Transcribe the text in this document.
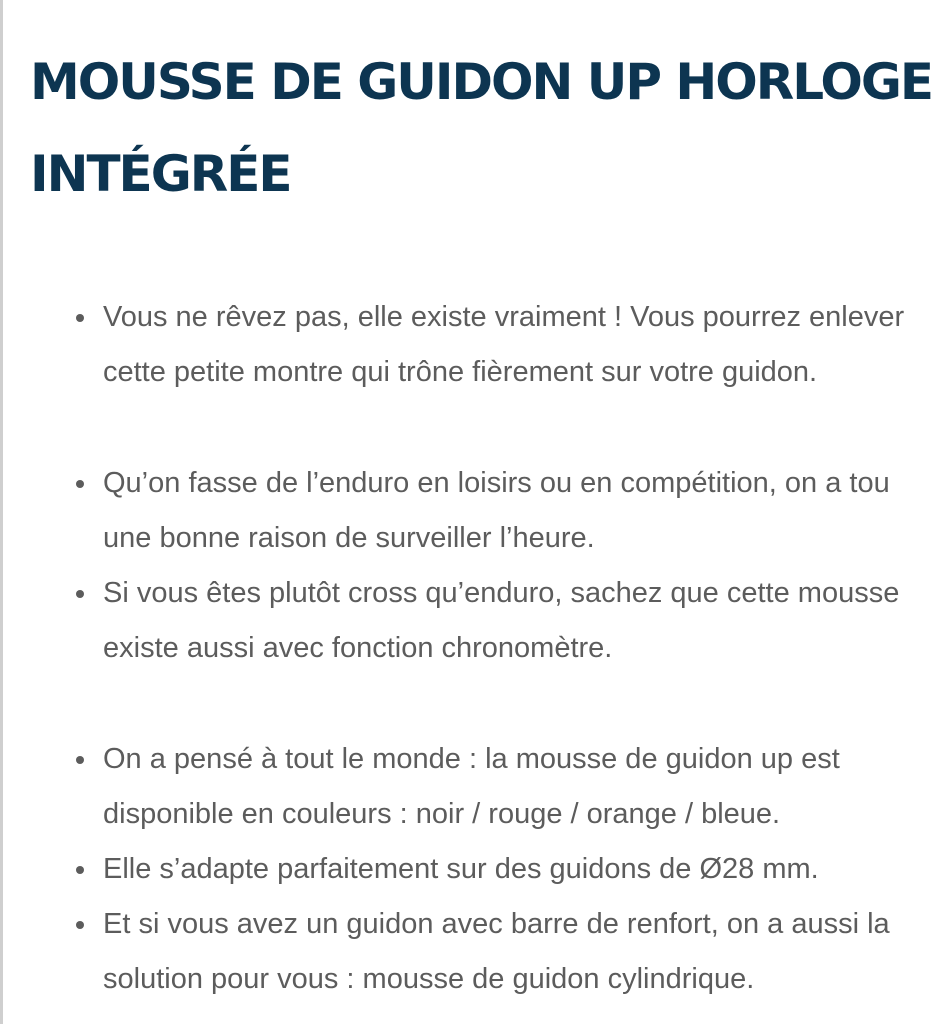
MOUSSE DE GUIDON UP HORLOGE
INTÉGRÉE
Vous ne rêvez pas, elle existe vraiment ! Vous pourrez enlever
cette petite montre qui trône fièrement sur votre guidon.
Qu’on fasse de l’enduro en loisirs ou en compétition, on a tou
une bonne raison de surveiller l’heure.
Si vous êtes plutôt cross qu’enduro, sachez que cette mousse
existe aussi avec fonction chronomètre.
On a pensé à tout le monde : la mousse de guidon up est
disponible en couleurs : noir / rouge / orange / bleue.
Elle s’adapte parfaitement sur des guidons de Ø28 mm.
Et si vous avez un guidon avec barre de renfort, on a aussi la
solution pour vous : mousse de guidon cylindrique.
